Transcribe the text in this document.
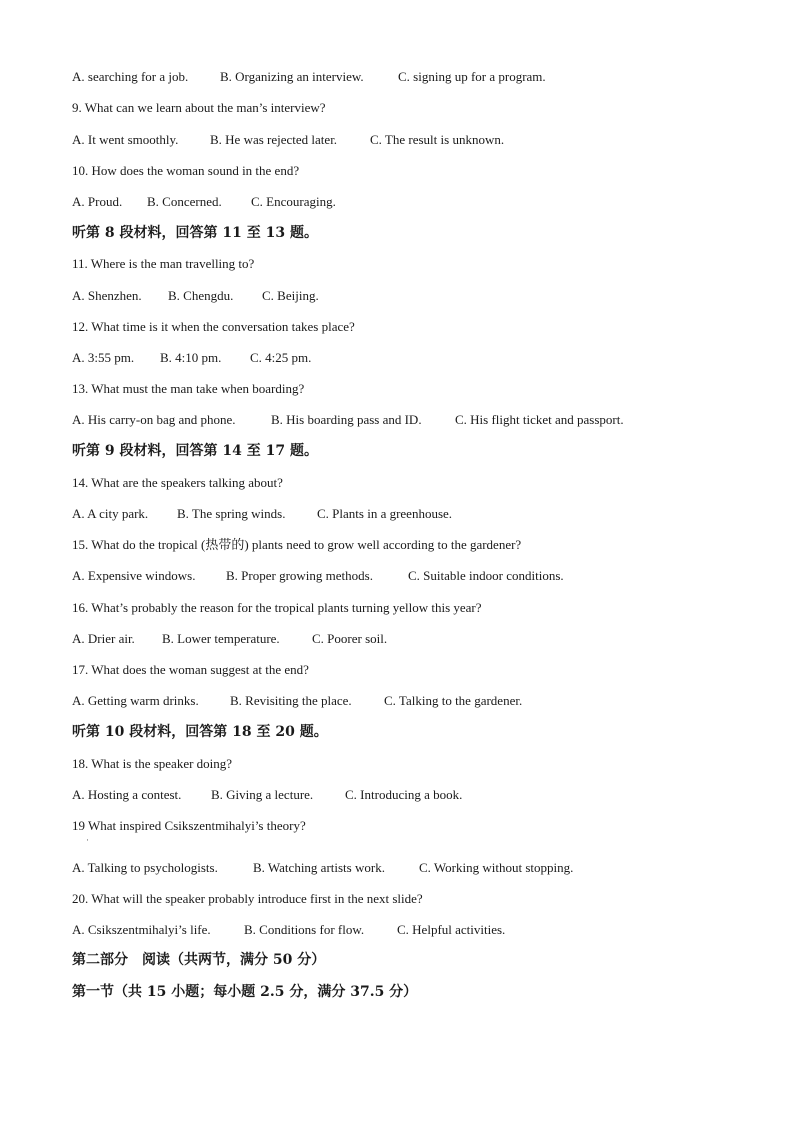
A. searching for a job. B. Organizing an interview.	C. signing up for a program.
9. What can we learn about the man’s interview?
A. It went smoothly. B. He was rejected later.	C. The result is unknown.
10. How does the woman sound in the end?
A. Proud. B. Concerned. C. Encouraging.
听第 8 段材料，回答第 11 至 13 题。
11. Where is the man travelling to?
A. Shenzhen. B. Chengdu. C. Beijing.
12. What time is it when the conversation takes place?
A. 3:55 pm. B. 4:10 pm. C. 4:25 pm.
13. What must the man take when boarding?
A. His carry-on bag and phone.	B. His boarding pass and ID.	C. His flight ticket and passport.
听第 9 段材料，回答第 14 至 17 题。
14. What are the speakers talking about?
A. A city park. B. The spring winds. C. Plants in a greenhouse.
15. What do the tropical (热带的) plants need to grow well according to the gardener?
A. Expensive windows. B. Proper growing methods.	C. Suitable indoor conditions.
16. What’s probably the reason for the tropical plants turning yellow this year?
A. Drier air. B. Lower temperature. C. Poorer soil.
17. What does the woman suggest at the end?
A. Getting warm drinks. B. Revisiting the place. C. Talking to the gardener.
听第 10 段材料，回答第 18 至 20 题。
18. What is the speaker doing?
A. Hosting a contest. B. Giving a lecture. C. Introducing a book.
19 What inspired Csikszentmihalyi’s theory?
·
A. Talking to psychologists.	B. Watching artists work.	C. Working without stopping.
20. What will the speaker probably introduce first in the next slide?
A. Csikszentmihalyi’s life.	B. Conditions for flow.	C. Helpful activities.
第二部分　阅读（共两节，满分 50 分）
第一节（共 15 小题；每小题 2.5 分，满分 37.5 分）
